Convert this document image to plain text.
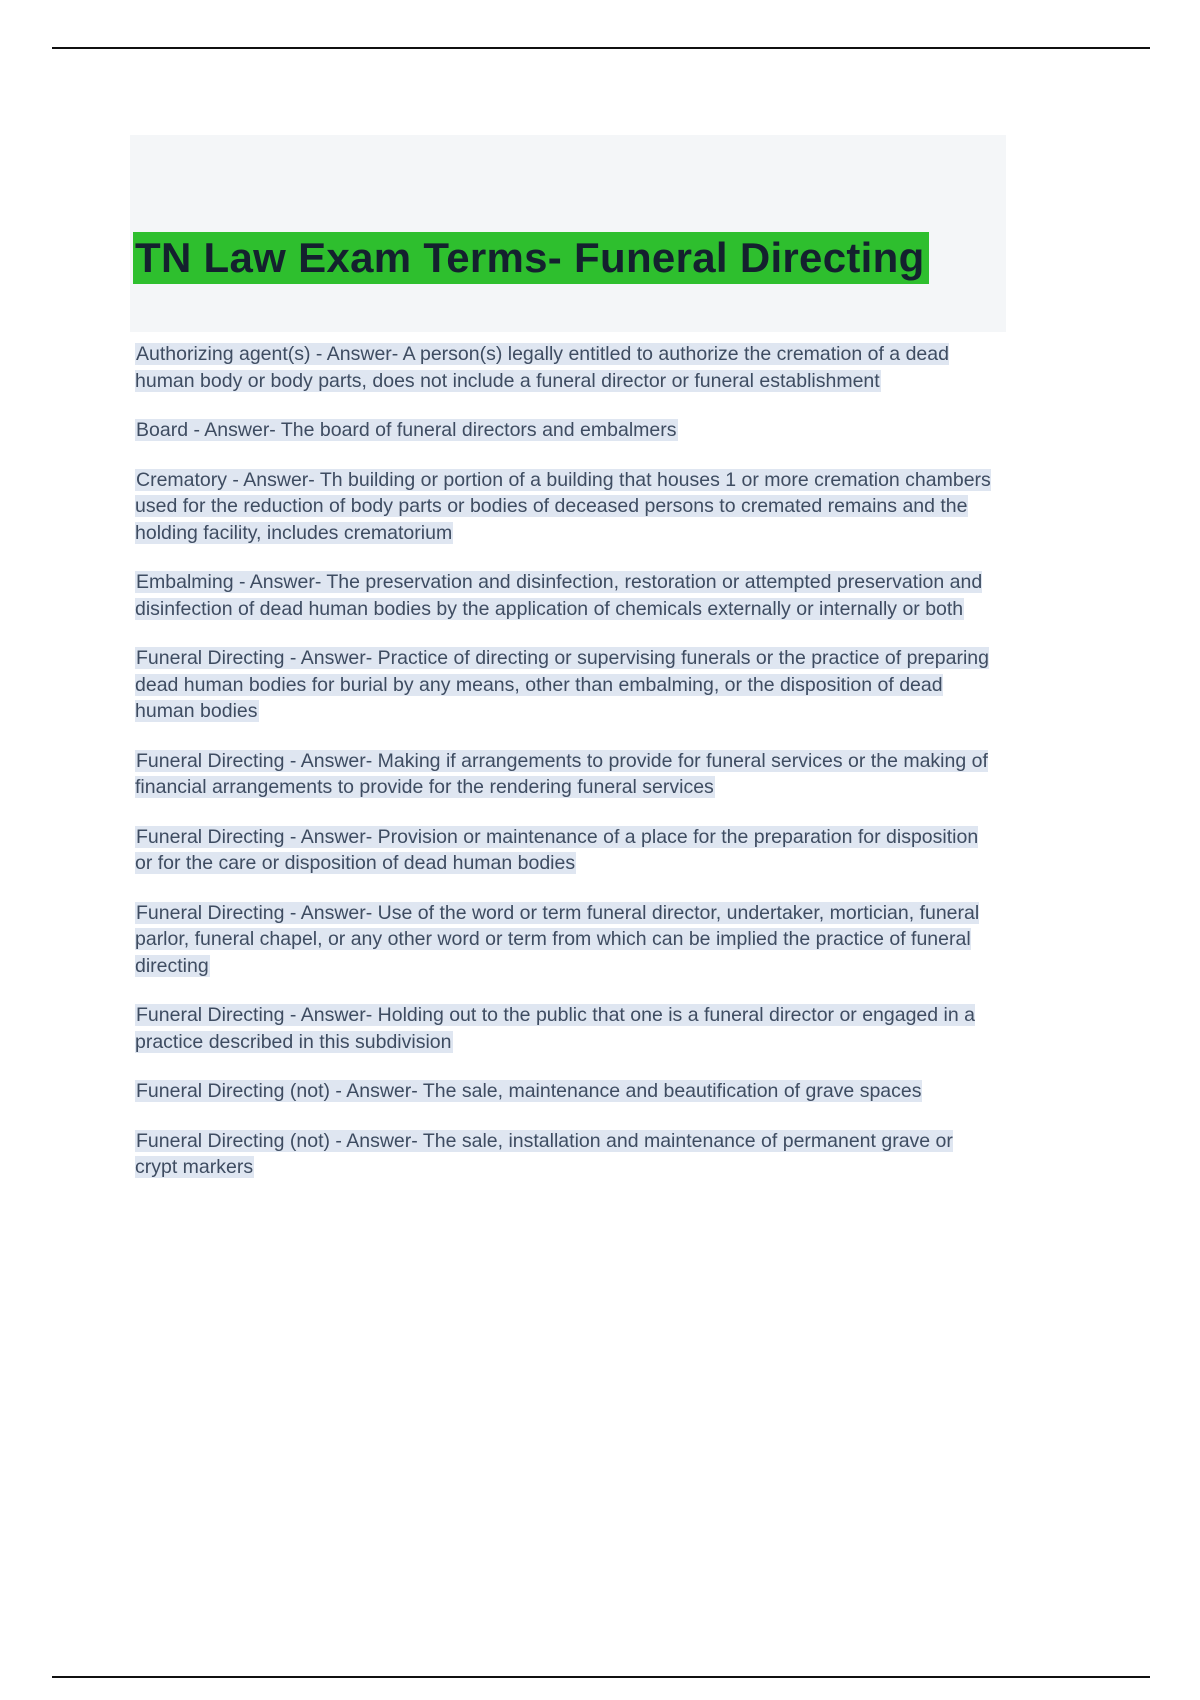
TN Law Exam Terms- Funeral Directing

Authorizing agent(s) - Answer- A person(s) legally entitled to authorize the cremation of a dead human body or body parts, does not include a funeral director or funeral establishment

Board - Answer- The board of funeral directors and embalmers

Crematory - Answer- Th building or portion of a building that houses 1 or more cremation chambers used for the reduction of body parts or bodies of deceased persons to cremated remains and the holding facility, includes crematorium

Embalming - Answer- The preservation and disinfection, restoration or attempted preservation and disinfection of dead human bodies by the application of chemicals externally or internally or both

Funeral Directing - Answer- Practice of directing or supervising funerals or the practice of preparing dead human bodies for burial by any means, other than embalming, or the disposition of dead human bodies

Funeral Directing - Answer- Making if arrangements to provide for funeral services or the making of financial arrangements to provide for the rendering funeral services

Funeral Directing - Answer- Provision or maintenance of a place for the preparation for disposition or for the care or disposition of dead human bodies

Funeral Directing - Answer- Use of the word or term funeral director, undertaker, mortician, funeral parlor, funeral chapel, or any other word or term from which can be implied the practice of funeral directing

Funeral Directing - Answer- Holding out to the public that one is a funeral director or engaged in a practice described in this subdivision

Funeral Directing (not) - Answer- The sale, maintenance and beautification of grave spaces

Funeral Directing (not) - Answer- The sale, installation and maintenance of permanent grave or crypt markers
